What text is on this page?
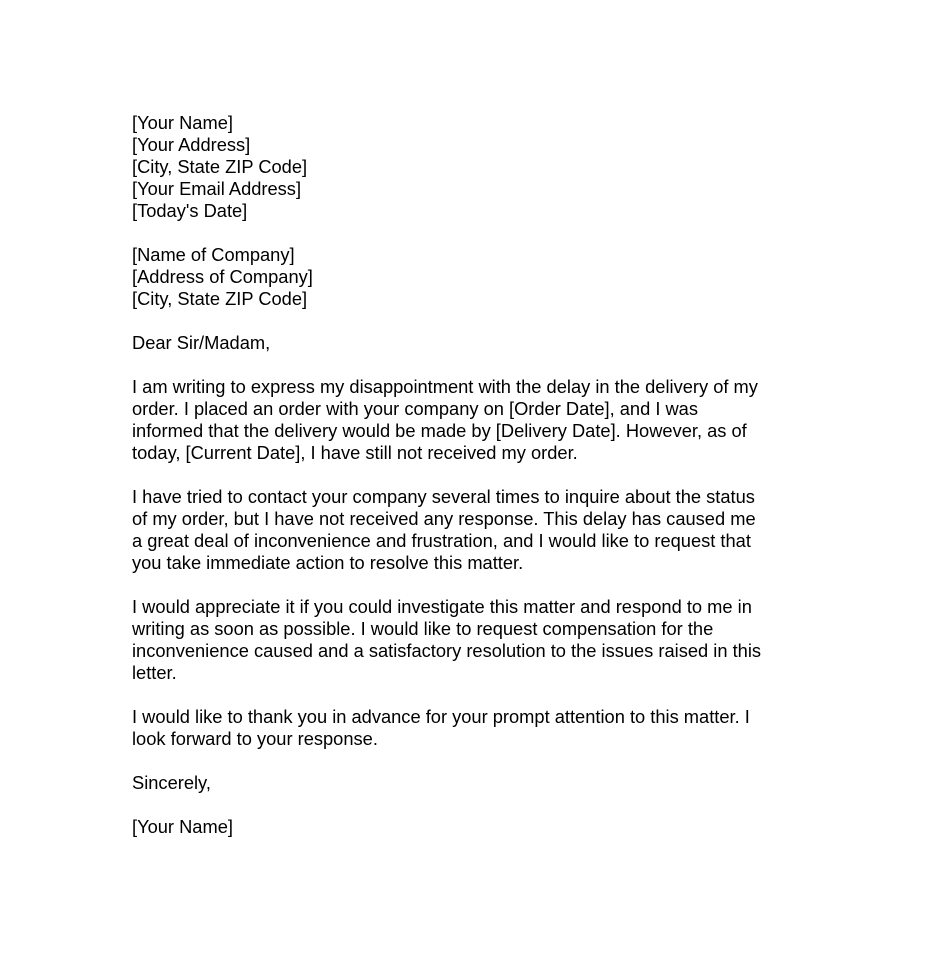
[Your Name]
[Your Address]
[City, State ZIP Code]
[Your Email Address]
[Today's Date]
[Name of Company]
[Address of Company]
[City, State ZIP Code]
Dear Sir/Madam,
I am writing to express my disappointment with the delay in the delivery of my
order. I placed an order with your company on [Order Date], and I was
informed that the delivery would be made by [Delivery Date]. However, as of
today, [Current Date], I have still not received my order.
I have tried to contact your company several times to inquire about the status
of my order, but I have not received any response. This delay has caused me
a great deal of inconvenience and frustration, and I would like to request that
you take immediate action to resolve this matter.
I would appreciate it if you could investigate this matter and respond to me in
writing as soon as possible. I would like to request compensation for the
inconvenience caused and a satisfactory resolution to the issues raised in this
letter.
I would like to thank you in advance for your prompt attention to this matter. I
look forward to your response.
Sincerely,
[Your Name]
